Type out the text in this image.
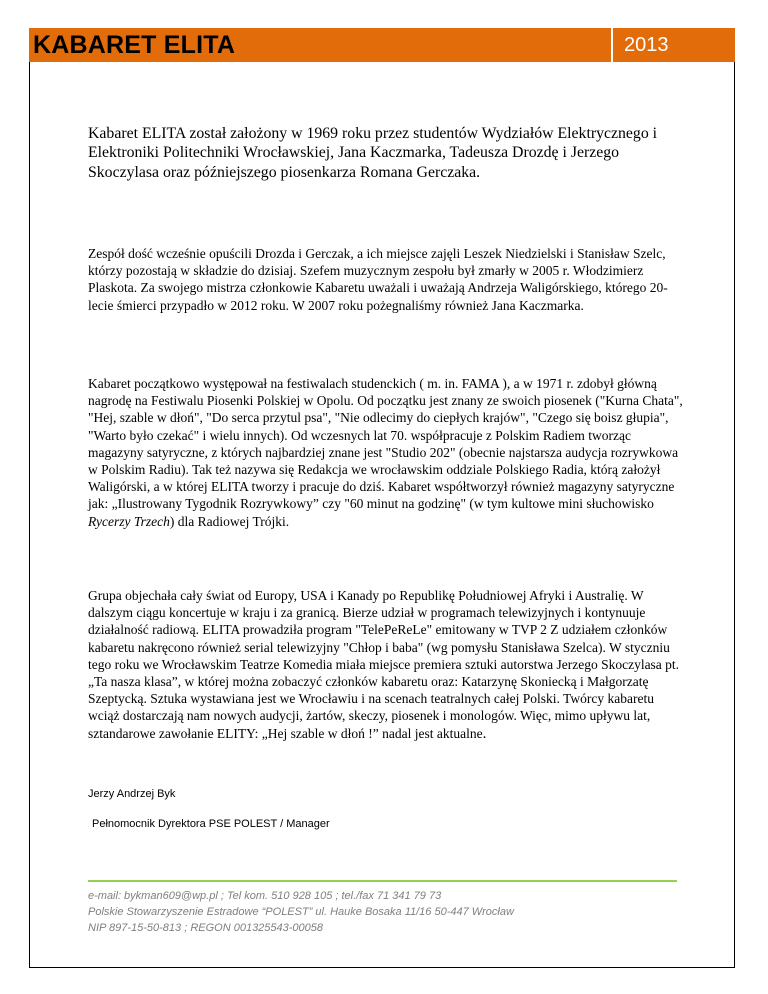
KABARET ELITA	2013

Kabaret ELITA został założony w 1969 roku przez studentów Wydziałów Elektrycznego i Elektroniki Politechniki Wrocławskiej, Jana Kaczmarka, Tadeusza Drozdę i Jerzego Skoczylasa oraz późniejszego piosenkarza Romana Gerczaka.

Zespół dość wcześnie opuścili Drozda i Gerczak, a ich miejsce zajęli Leszek Niedzielski i Stanisław Szelc, którzy pozostają w składzie do dzisiaj. Szefem muzycznym zespołu był zmarły w 2005 r. Włodzimierz Plaskota. Za swojego mistrza członkowie Kabaretu uważali i uważają Andrzeja Waligórskiego, którego 20-lecie śmierci przypadło w 2012 roku. W 2007 roku pożegnaliśmy również Jana Kaczmarka.

Kabaret początkowo występował na festiwalach studenckich ( m. in. FAMA ), a w 1971 r. zdobył główną nagrodę na Festiwalu Piosenki Polskiej w Opolu. Od początku jest znany ze swoich piosenek ("Kurna Chata", "Hej, szable w dłoń", "Do serca przytul psa", "Nie odlecimy do ciepłych krajów", "Czego się boisz głupia", "Warto było czekać" i wielu innych). Od wczesnych lat 70. współpracuje z Polskim Radiem tworząc magazyny satyryczne, z których najbardziej znane jest "Studio 202" (obecnie najstarsza audycja rozrywkowa w Polskim Radiu). Tak też nazywa się Redakcja we wrocławskim oddziale Polskiego Radia, którą założył Waligórski, a w której ELITA tworzy i pracuje do dziś. Kabaret współtworzył również magazyny satyryczne jak: „Ilustrowany Tygodnik Rozrywkowy” czy "60 minut na godzinę" (w tym kultowe mini słuchowisko Rycerzy Trzech) dla Radiowej Trójki.

Grupa objechała cały świat od Europy, USA i Kanady po Republikę Południowej Afryki i Australię. W dalszym ciągu koncertuje w kraju i za granicą. Bierze udział w programach telewizyjnych i kontynuuje działalność radiową. ELITA prowadziła program "TelePeReLe" emitowany w TVP 2 Z udziałem członków kabaretu nakręcono również serial telewizyjny "Chłop i baba" (wg pomysłu Stanisława Szelca). W styczniu tego roku we Wrocławskim Teatrze Komedia miała miejsce premiera sztuki autorstwa Jerzego Skoczylasa pt. „Ta nasza klasa”, w której można zobaczyć członków kabaretu oraz: Katarzynę Skoniecką i Małgorzatę Szeptycką. Sztuka wystawiana jest we Wrocławiu i na scenach teatralnych całej Polski. Twórcy kabaretu wciąż dostarczają nam nowych audycji, żartów, skeczy, piosenek i monologów. Więc, mimo upływu lat, sztandarowe zawołanie ELITY: „Hej szable w dłoń !” nadal jest aktualne.

Jerzy Andrzej Byk

Pełnomocnik Dyrektora PSE POLEST / Manager

e-mail: bykman609@wp.pl ; Tel kom. 510 928 105 ; tel./fax 71 341 79 73
Polskie Stowarzyszenie Estradowe “POLEST” ul. Hauke Bosaka 11/16 50-447 Wrocław
NIP 897-15-50-813 ; REGON 001325543-00058
